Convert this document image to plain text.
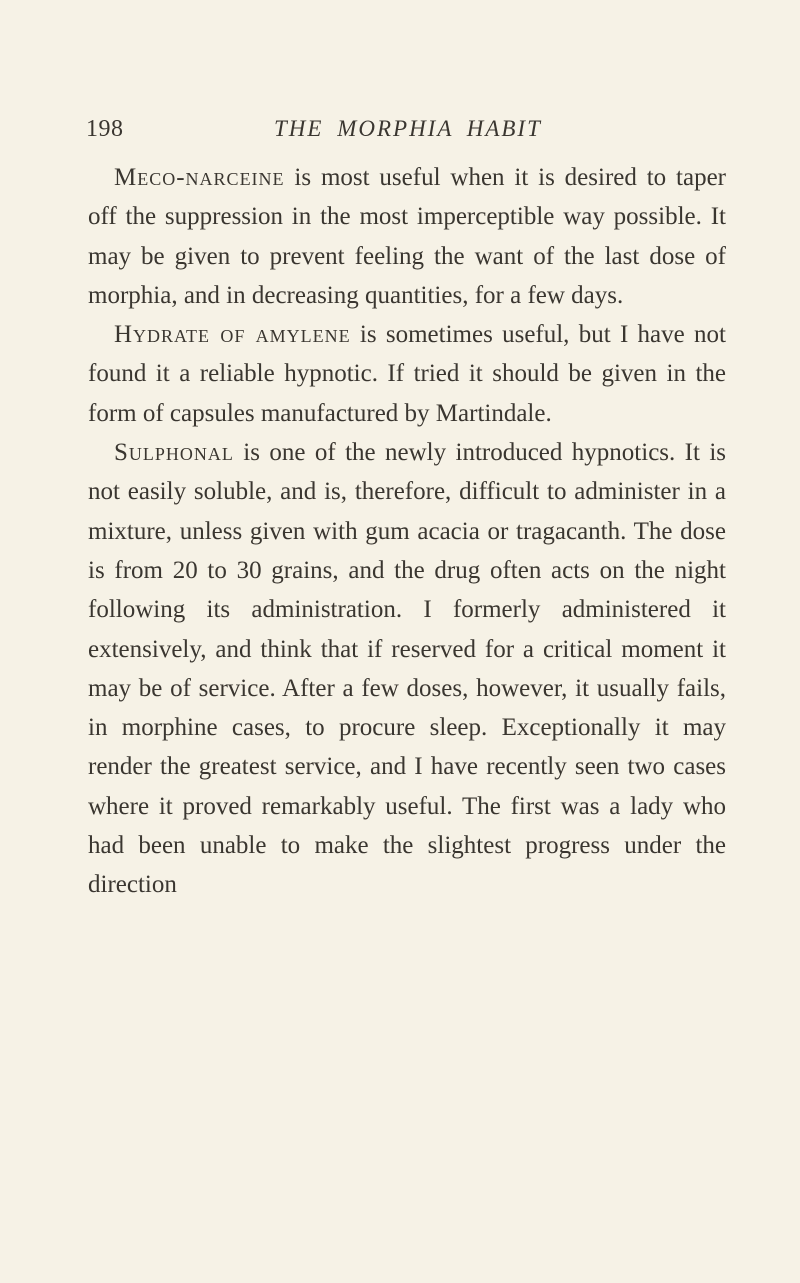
198	THE MORPHIA HABIT

Meco-narceine is most useful when it is desired to taper off the suppression in the most imperceptible way possible. It may be given to prevent feeling the want of the last dose of morphia, and in decreasing quantities, for a few days.

Hydrate of amylene is sometimes useful, but I have not found it a reliable hypnotic. If tried it should be given in the form of capsules manufactured by Martindale.

Sulphonal is one of the newly introduced hypnotics. It is not easily soluble, and is, therefore, difficult to administer in a mixture, unless given with gum acacia or tragacanth. The dose is from 20 to 30 grains, and the drug often acts on the night following its administration. I formerly administered it extensively, and think that if reserved for a critical moment it may be of service. After a few doses, however, it usually fails, in morphine cases, to procure sleep. Exceptionally it may render the greatest service, and I have recently seen two cases where it proved remarkably useful. The first was a lady who had been unable to make the slightest progress under the direction
